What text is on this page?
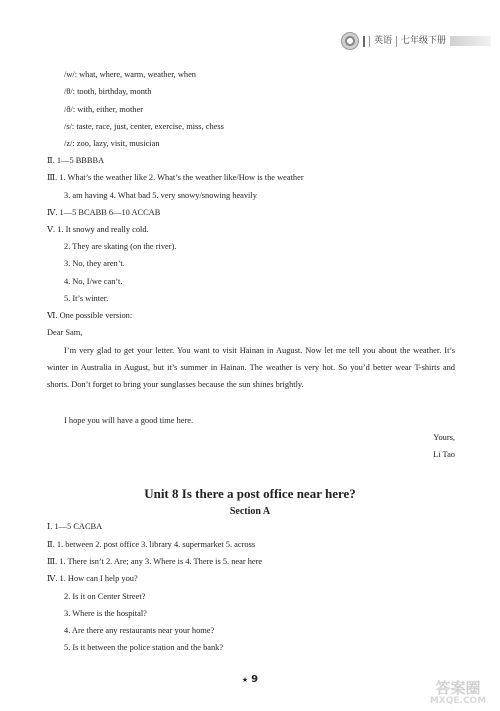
英语 七年级下册
/w/: what, where, warm, weather, when
/θ/: tooth, birthday, month
/ð/: with, either, mother
/s/: taste, race, just, center, exercise, miss, chess
/z/: zoo, lazy, visit, musician
Ⅱ. 1—5 BBBBA
Ⅲ. 1. What’s the weather like 2. What’s the weather like/How is the weather
3. am having 4. What bad 5. very snowy/snowing heavily
Ⅳ. 1—5 BCABB 6—10 ACCAB
Ⅴ. 1. It snowy and really cold.
2. They are skating (on the river).
3. No, they aren’t.
4. No, I/we can’t.
5. It’s winter.
Ⅵ. One possible version:
Dear Sam,
I’m very glad to get your letter. You want to visit Hainan in August. Now let me tell you about the weather. It’s winter in Australia in August, but it’s summer in Hainan. The weather is very hot. So you’d better wear T-shirts and shorts. Don’t forget to bring your sunglasses because the sun shines brightly.
I hope you will have a good time here.
Yours,
Li Tao
Unit 8 Is there a post office near here?
Section A
Ⅰ. 1—5 CACBA
Ⅱ. 1. between 2. post office 3. library 4. supermarket 5. across
Ⅲ. 1. There isn’t 2. Are; any 3. Where is 4. There is 5. near here
Ⅳ. 1. How can I help you?
2. Is it on Center Street?
3. Where is the hospital?
4. Are there any restaurants near your home?
5. Is it between the police station and the bank?
★ 9	答案圈
MXQE.COM
